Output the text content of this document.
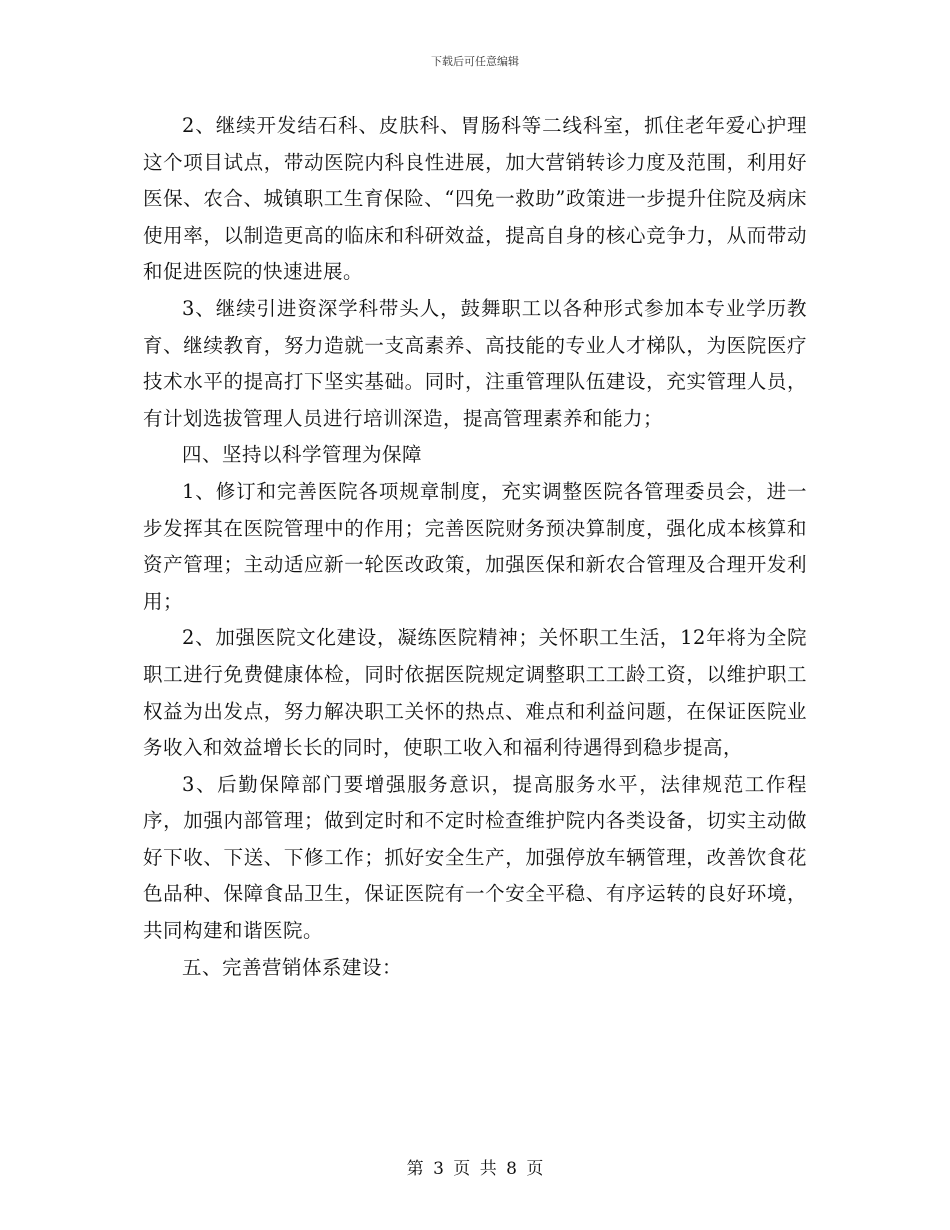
下载后可任意编辑

2、继续开发结石科、皮肤科、胃肠科等二线科室，抓住老年爱心护理这个项目试点，带动医院内科良性进展，加大营销转诊力度及范围，利用好医保、农合、城镇职工生育保险、“四免一救助”政策进一步提升住院及病床使用率，以制造更高的临床和科研效益，提高自身的核心竞争力，从而带动和促进医院的快速进展。

3、继续引进资深学科带头人，鼓舞职工以各种形式参加本专业学历教育、继续教育，努力造就一支高素养、高技能的专业人才梯队，为医院医疗技术水平的提高打下坚实基础。同时，注重管理队伍建设，充实管理人员，有计划选拔管理人员进行培训深造，提高管理素养和能力；

四、坚持以科学管理为保障

1、修订和完善医院各项规章制度，充实调整医院各管理委员会，进一步发挥其在医院管理中的作用；完善医院财务预决算制度，强化成本核算和资产管理；主动适应新一轮医改政策，加强医保和新农合管理及合理开发利用；

2、加强医院文化建设，凝练医院精神；关怀职工生活，12年将为全院职工进行免费健康体检，同时依据医院规定调整职工工龄工资，以维护职工权益为出发点，努力解决职工关怀的热点、难点和利益问题，在保证医院业务收入和效益增长长的同时，使职工收入和福利待遇得到稳步提高，

3、后勤保障部门要增强服务意识，提高服务水平，法律规范工作程序，加强内部管理；做到定时和不定时检查维护院内各类设备，切实主动做好下收、下送、下修工作；抓好安全生产，加强停放车辆管理，改善饮食花色品种、保障食品卫生，保证医院有一个安全平稳、有序运转的良好环境，共同构建和谐医院。

五、完善营销体系建设：

第 3 页 共 8 页
